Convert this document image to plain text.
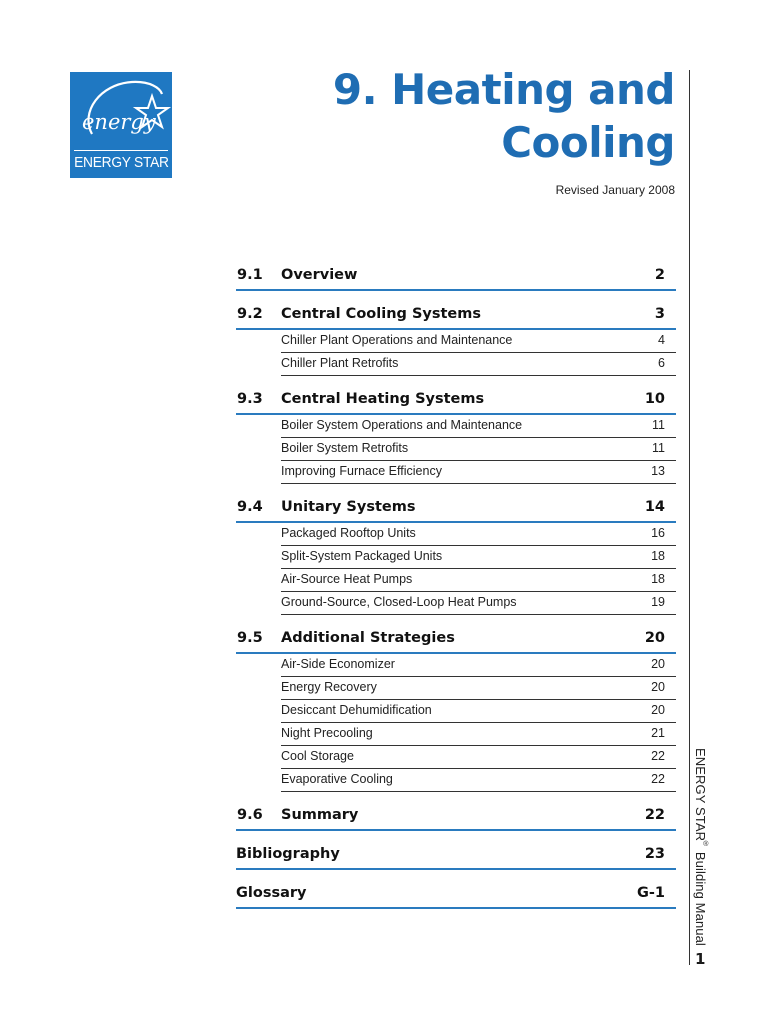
energy
ENERGY STAR
9. Heating and
Cooling
Revised January 2008
ENERGY STAR® Building Manual
1
9.1 Overview	2
9.2 Central Cooling Systems	3
Chiller Plant Operations and Maintenance	4
Chiller Plant Retrofits	6
9.3 Central Heating Systems	10
Boiler System Operations and Maintenance	11
Boiler System Retrofits	11
Improving Furnace Efficiency	13
9.4 Unitary Systems	14
Packaged Rooftop Units	16
Split-System Packaged Units	18
Air-Source Heat Pumps	18
Ground-Source, Closed-Loop Heat Pumps	19
9.5 Additional Strategies	20
Air-Side Economizer	20
Energy Recovery	20
Desiccant Dehumidification	20
Night Precooling	21
Cool Storage	22
Evaporative Cooling	22
9.6 Summary	22
Bibliography	23
Glossary	G-1
